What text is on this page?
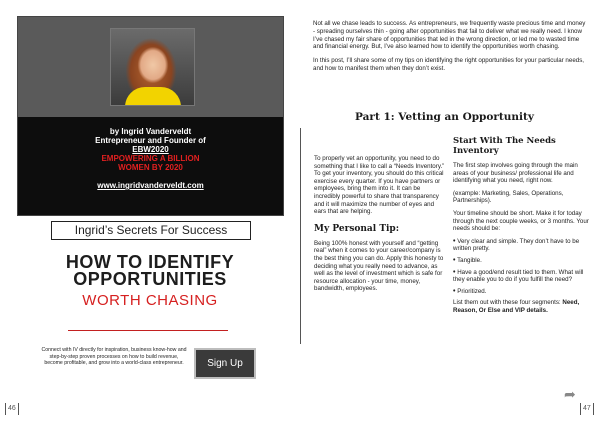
by Ingrid Vanderveldt
Entrepreneur and Founder of
EBW2020
EMPOWERING A BILLION
WOMEN BY 2020
www.ingridvanderveldt.com
Ingrid’s Secrets For Success
HOW TO IDENTIFY
OPPORTUNITIES
WORTH CHASING
Connect with IV directly for inspiration, business know-how and step-by-step proven processes on how to build revenue, become profitable, and grow into a world-class entrepreneur.	Sign Up
46

Not all we chase leads to success. As entrepreneurs, we frequently waste precious time and money - spreading ourselves thin - going after opportunities that fail to deliver what we really need. I know I’ve chased my fair share of opportunities that led in the wrong direction, or led me to wasted time and financial energy. But, I’ve also learned how to identify the opportunities worth chasing.

In this post, I’ll share some of my tips on identifying the right opportunities for your particular needs, and how to manifest them when they don’t exist.

Part 1: Vetting an Opportunity

To properly vet an opportunity, you need to do something that I like to call a “Needs Inventory.” To get your inventory, you should do this critical exercise every quarter. If you have partners or employees, bring them into it. It can be incredibly powerful to share that transparency and it will maximize the number of eyes and ears that are helping.

My Personal Tip:

Being 100% honest with yourself and “getting real” when it comes to your career/company is the best thing you can do. Apply this honesty to deciding what you really need to advance, as well as the level of investment which is safe for resource allocation - your time, money, bandwidth, employees.

Start With The Needs Inventory

The first step involves going through the main areas of your business/ professional life and identifying what you need, right now.

(example: Marketing, Sales, Operations, Partnerships).

Your timeline should be short. Make it for today through the next couple weeks, or 3 months. Your needs should be:

• Very clear and simple. They don’t have to be written pretty.
• Tangible.
• Have a good/end result tied to them. What will they enable you to do if you fulfill the need?
• Prioritized.

List them out with these four segments: Need, Reason, Or Else and VIP details.

➦
47
